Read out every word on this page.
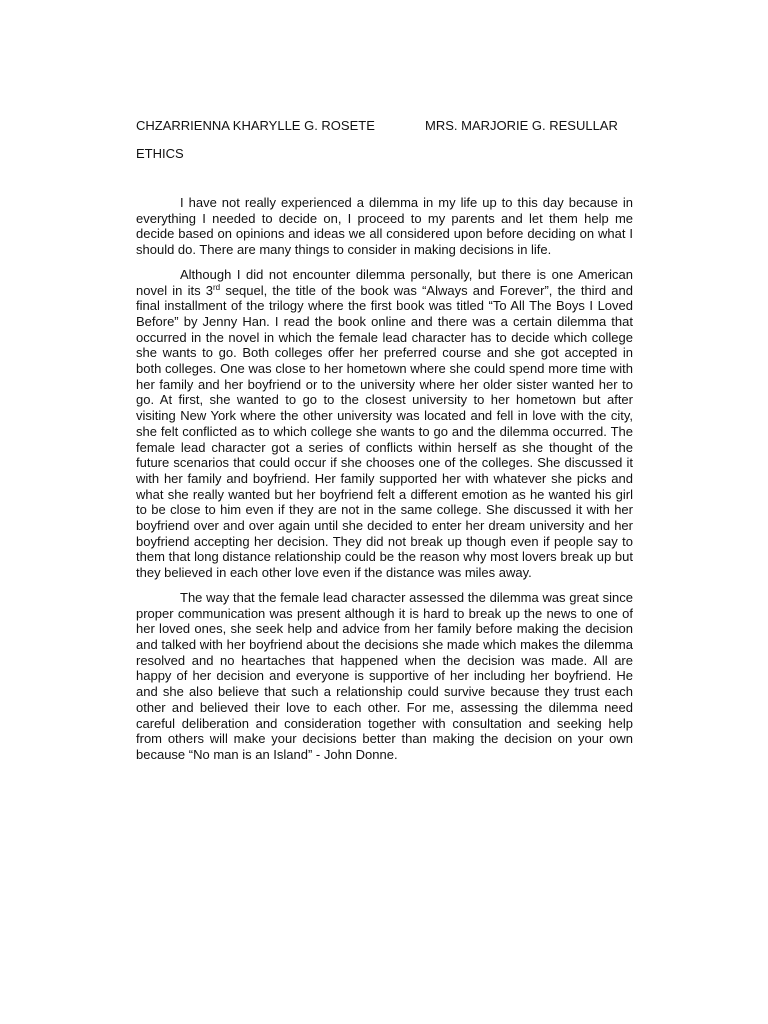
CHZARRIENNA KHARYLLE G. ROSETE	MRS. MARJORIE G. RESULLAR
ETHICS

I have not really experienced a dilemma in my life up to this day because in everything I needed to decide on, I proceed to my parents and let them help me decide based on opinions and ideas we all considered upon before deciding on what I should do. There are many things to consider in making decisions in life.

Although I did not encounter dilemma personally, but there is one American novel in its 3rd sequel, the title of the book was “Always and Forever”, the third and final installment of the trilogy where the first book was titled “To All The Boys I Loved Before” by Jenny Han. I read the book online and there was a certain dilemma that occurred in the novel in which the female lead character has to decide which college she wants to go. Both colleges offer her preferred course and she got accepted in both colleges. One was close to her hometown where she could spend more time with her family and her boyfriend or to the university where her older sister wanted her to go. At first, she wanted to go to the closest university to her hometown but after visiting New York where the other university was located and fell in love with the city, she felt conflicted as to which college she wants to go and the dilemma occurred. The female lead character got a series of conflicts within herself as she thought of the future scenarios that could occur if she chooses one of the colleges. She discussed it with her family and boyfriend. Her family supported her with whatever she picks and what she really wanted but her boyfriend felt a different emotion as he wanted his girl to be close to him even if they are not in the same college. She discussed it with her boyfriend over and over again until she decided to enter her dream university and her boyfriend accepting her decision. They did not break up though even if people say to them that long distance relationship could be the reason why most lovers break up but they believed in each other love even if the distance was miles away.

The way that the female lead character assessed the dilemma was great since proper communication was present although it is hard to break up the news to one of her loved ones, she seek help and advice from her family before making the decision and talked with her boyfriend about the decisions she made which makes the dilemma resolved and no heartaches that happened when the decision was made. All are happy of her decision and everyone is supportive of her including her boyfriend. He and she also believe that such a relationship could survive because they trust each other and believed their love to each other. For me, assessing the dilemma need careful deliberation and consideration together with consultation and seeking help from others will make your decisions better than making the decision on your own because “No man is an Island” - John Donne.
